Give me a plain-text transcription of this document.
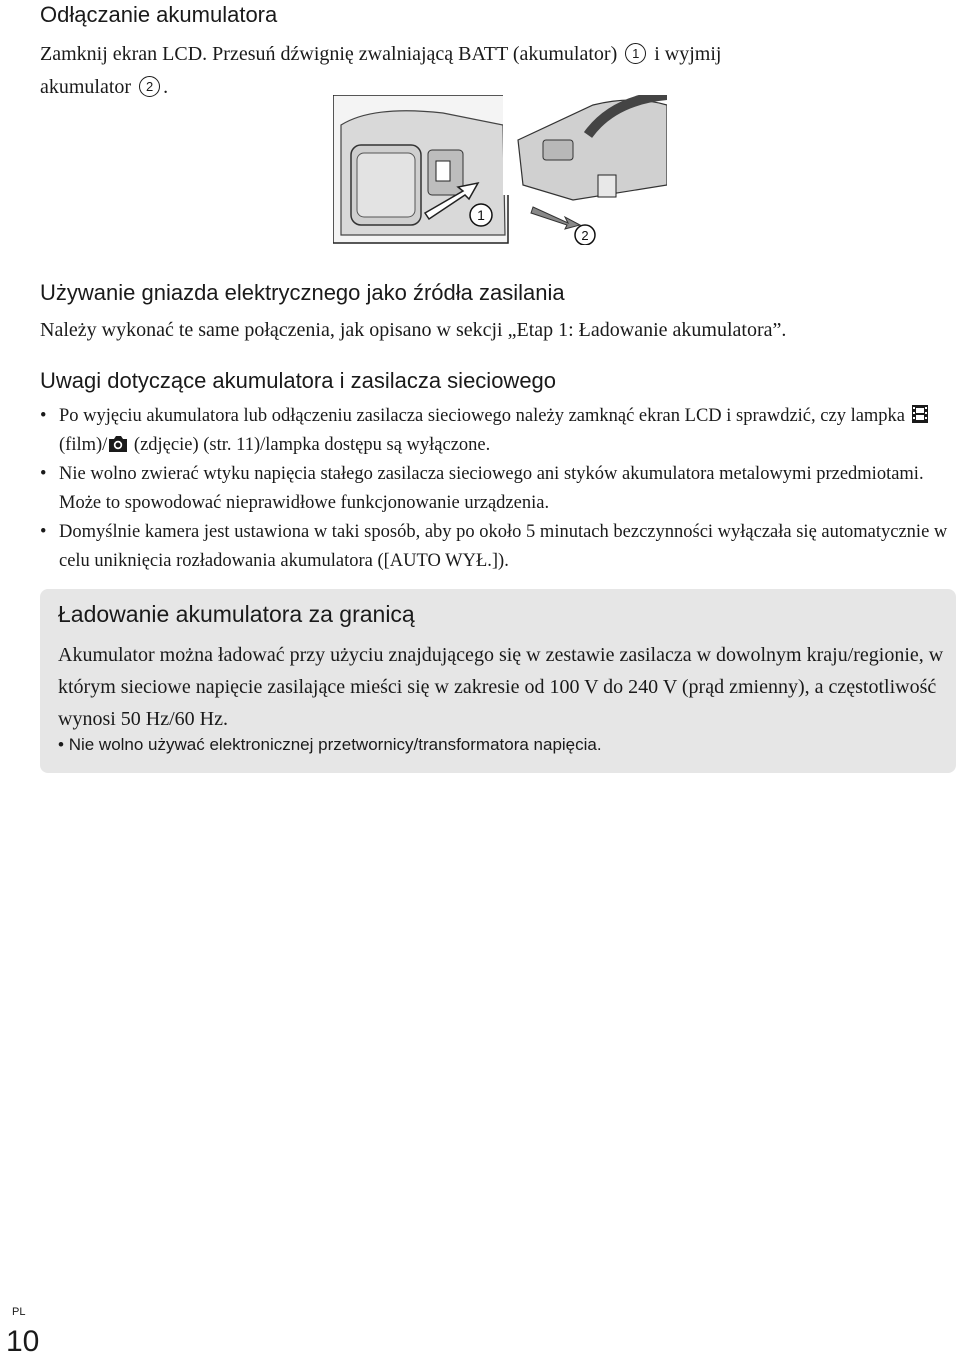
Odłączanie akumulatora

Zamknij ekran LCD. Przesuń dźwignię zwalniającą BATT (akumulator) 1 i wyjmij
akumulator 2 .

1
2
Używanie gniazda elektrycznego jako źródła zasilania

Należy wykonać te same połączenia, jak opisano w sekcji „Etap 1: Ładowanie akumulatora”.

Uwagi dotyczące akumulatora i zasilacza sieciowego
• Po wyjęciu akumulatora lub odłączeniu zasilacza sieciowego należy zamknąć ekran LCD i sprawdzić, czy lampka  (film)/ (zdjęcie) (str. 11)/lampka dostępu są wyłączone.
• Nie wolno zwierać wtyku napięcia stałego zasilacza sieciowego ani styków akumulatora metalowymi przedmiotami. Może to spowodować nieprawidłowe funkcjonowanie urządzenia.
• Domyślnie kamera jest ustawiona w taki sposób, aby po około 5 minutach bezczynności wyłączała się automatycznie w celu uniknięcia rozładowania akumulatora ([AUTO WYŁ.]).
Ładowanie akumulatora za granicą

Akumulator można ładować przy użyciu znajdującego się w zestawie zasilacza w dowolnym kraju/regionie, w którym sieciowe napięcie zasilające mieści się w zakresie od 100 V do 240 V (prąd zmienny), a częstotliwość wynosi 50 Hz/60 Hz.

• Nie wolno używać elektronicznej przetwornicy/transformatora napięcia.

PL
10
